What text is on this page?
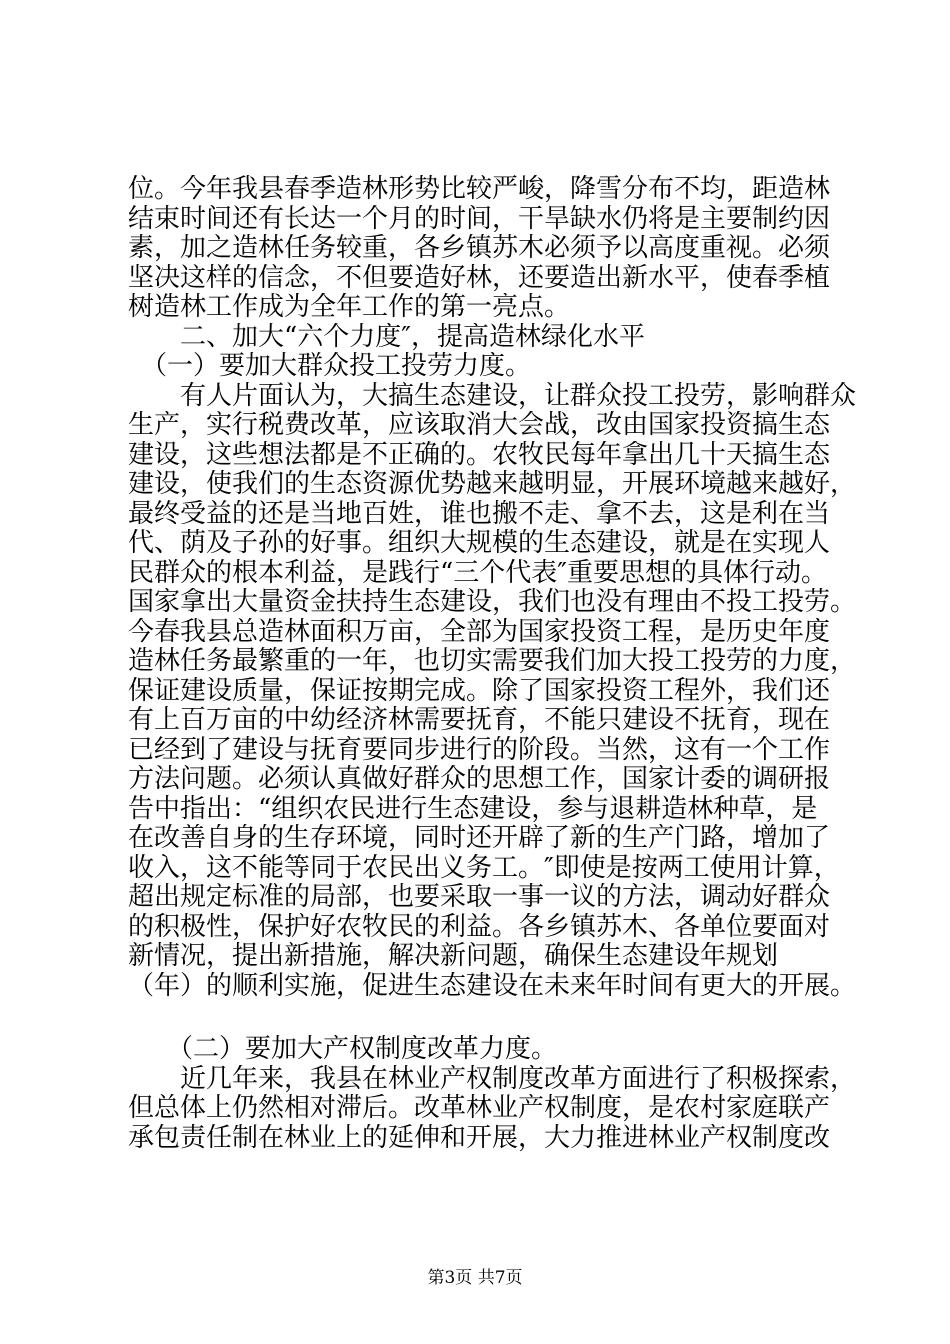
位。今年我县春季造林形势比较严峻，降雪分布不均，距造林
结束时间还有长达一个月的时间，干旱缺水仍将是主要制约因
素，加之造林任务较重，各乡镇苏木必须予以高度重视。必须
坚决这样的信念，不但要造好林，还要造出新水平，使春季植
树造林工作成为全年工作的第一亮点。
　　二、加大“六个力度″，提高造林绿化水平
　（一）要加大群众投工投劳力度。
　　有人片面认为，大搞生态建设，让群众投工投劳，影响群众
生产，实行税费改革，应该取消大会战，改由国家投资搞生态
建设，这些想法都是不正确的。农牧民每年拿出几十天搞生态
建设，使我们的生态资源优势越来越明显，开展环境越来越好，
最终受益的还是当地百姓，谁也搬不走、拿不去，这是利在当
代、荫及子孙的好事。组织大规模的生态建设，就是在实现人
民群众的根本利益，是践行“三个代表″重要思想的具体行动。
国家拿出大量资金扶持生态建设，我们也没有理由不投工投劳。
今春我县总造林面积万亩，全部为国家投资工程，是历史年度
造林任务最繁重的一年，也切实需要我们加大投工投劳的力度，
保证建设质量，保证按期完成。除了国家投资工程外，我们还
有上百万亩的中幼经济林需要抚育，不能只建设不抚育，现在
已经到了建设与抚育要同步进行的阶段。当然，这有一个工作
方法问题。必须认真做好群众的思想工作，国家计委的调研报
告中指出：“组织农民进行生态建设，参与退耕造林种草，是
在改善自身的生存环境，同时还开辟了新的生产门路，增加了
收入，这不能等同于农民出义务工。″即使是按两工使用计算，
超出规定标准的局部，也要采取一事一议的方法，调动好群众
的积极性，保护好农牧民的利益。各乡镇苏木、各单位要面对
新情况，提出新措施，解决新问题，确保生态建设年规划
（年）的顺利实施，促进生态建设在未来年时间有更大的开展。
　　（二）要加大产权制度改革力度。
　　近几年来，我县在林业产权制度改革方面进行了积极探索，
但总体上仍然相对滞后。改革林业产权制度，是农村家庭联产
承包责任制在林业上的延伸和开展，大力推进林业产权制度改
第3页 共7页
